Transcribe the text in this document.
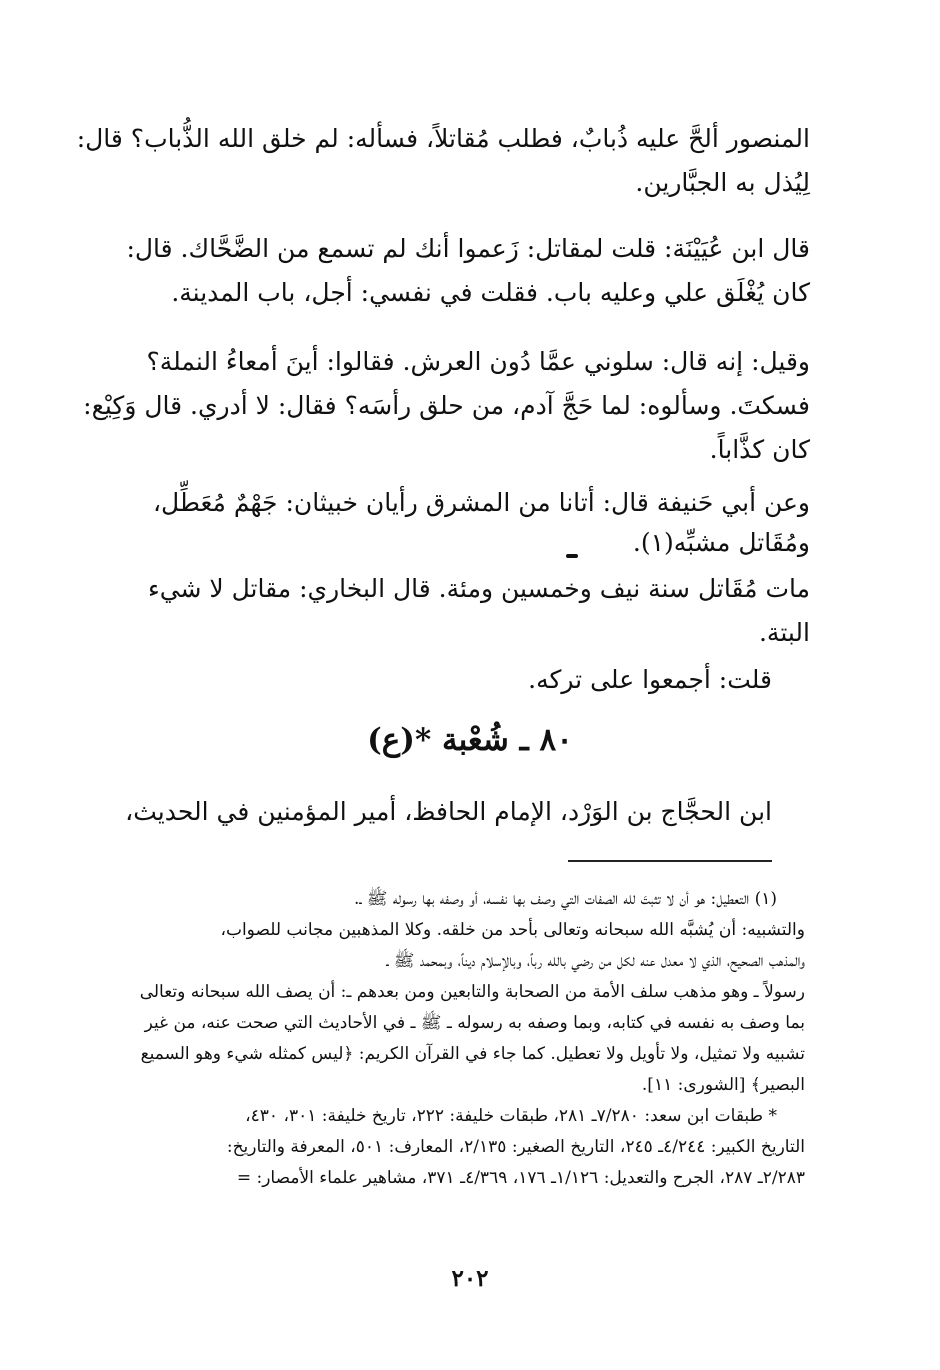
المنصور ألحَّ عليه ذُبابٌ، فطلب مُقاتلاً، فسأله: لم خلق الله الذُّباب؟ قال:

لِيُذل به الجبَّارين.

قال ابن عُيَيْنَة: قلت لمقاتل: زَعموا أنك لم تسمع من الضَّحَّاك. قال:

كان يُغْلَق علي وعليه باب. فقلت في نفسي: أجل، باب المدينة.

وقيل: إنه قال: سلوني عمَّا دُون العرش. فقالوا: أينَ أمعاءُ النملة؟

فسكتَ. وسألوه: لما حَجَّ آدم، من حلق رأسَه؟ فقال: لا أدري. قال وَكِيْع:

كان كذَّاباً.

وعن أبي حَنيفة قال: أتانا من المشرق رأيان خبيثان: جَهْمٌ مُعَطِّل،

ومُقَاتل مشبِّه(١).

مات مُقَاتل سنة نيف وخمسين ومئة. قال البخاري: مقاتل لا شيء

البتة.

قلت: أجمعوا على تركه.

٨٠ ـ شُعْبة *(ع)

ابن الحجَّاج بن الوَرْد، الإمام الحافظ، أمير المؤمنين في الحديث،

(١) التعطيل: هو أن لا تثبتَ لله الصفات التي وصف بها نفسه، أو وصفه بها رسوله ﷺ ـ.

والتشبيه: أن يُشبَّه الله سبحانه وتعالى بأحد من خلقه. وكلا المذهبين مجانب للصواب،

والمذهب الصحيح، الذي لا معدل عنه لكل من رضي بالله رباً، وبالإسلام ديناً، وبمحمد ﷺ ـ

رسولاً ـ وهو مذهب سلف الأمة من الصحابة والتابعين ومن بعدهم ـ: أن يصف الله سبحانه وتعالى

بما وصف به نفسه في كتابه، وبما وصفه به رسوله ـ ﷺ ـ في الأحاديث التي صحت عنه، من غير

تشبيه ولا تمثيل، ولا تأويل ولا تعطيل. كما جاء في القرآن الكريم: ﴿ليس كمثله شيء وهو السميع

البصير﴾ [الشورى: ١١].

* طبقات ابن سعد: ٧/٢٨٠ـ ٢٨١، طبقات خليفة: ٢٢٢، تاريخ خليفة: ٣٠١، ٤٣٠،

التاريخ الكبير: ٤/٢٤٤ـ ٢٤٥، التاريخ الصغير: ٢/١٣٥، المعارف: ٥٠١، المعرفة والتاريخ:

٢/٢٨٣ـ ٢٨٧، الجرح والتعديل: ١/١٢٦ـ ١٧٦، ٤/٣٦٩ـ ٣٧١، مشاهير علماء الأمصار: =

٢٠٢
